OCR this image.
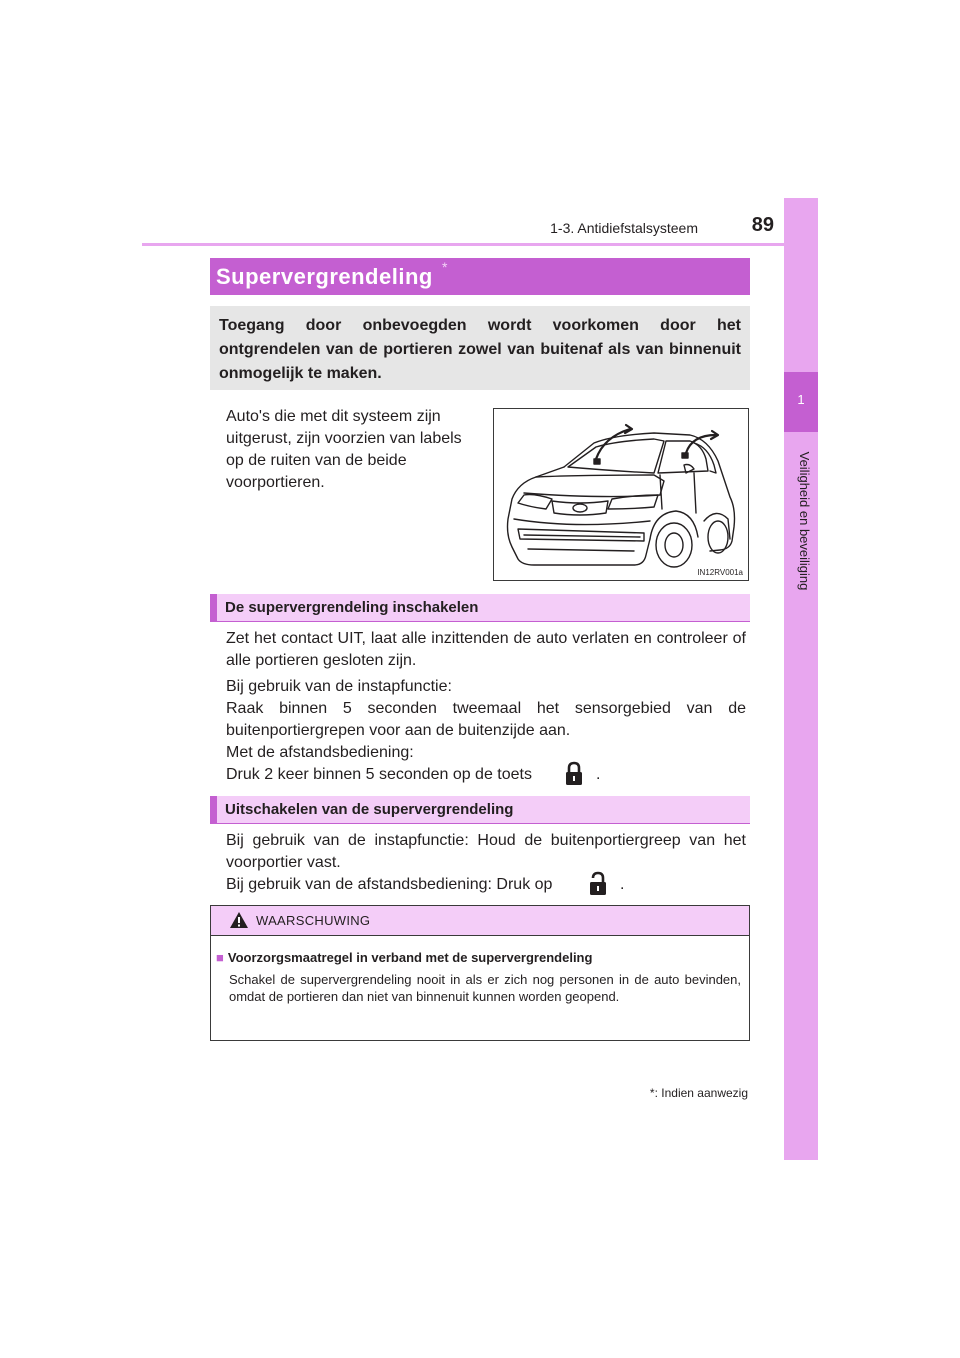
1-3. Antidiefstalsysteem	89
1
Veiligheid en beveiliging
Supervergrendeling *
Toegang door onbevoegden wordt voorkomen door het ontgrendelen van de portieren zowel van buitenaf als van binnenuit onmogelijk te maken.
Auto's die met dit systeem zijn uitgerust, zijn voorzien van labels op de ruiten van de beide voorportieren.
IN12RV001a
De supervergrendeling inschakelen
Zet het contact UIT, laat alle inzittenden de auto verlaten en controleer of alle portieren gesloten zijn.
Bij gebruik van de instapfunctie:
Raak binnen 5 seconden tweemaal het sensorgebied van de buitenportiergrepen voor aan de buitenzijde aan.
Met de afstandsbediening:
Druk 2 keer binnen 5 seconden op de toets	.
Uitschakelen van de supervergrendeling
Bij gebruik van de instapfunctie: Houd de buitenportiergreep van het voorportier vast.
Bij gebruik van de afstandsbediening: Druk op	.
WAARSCHUWING
■ Voorzorgsmaatregel in verband met de supervergrendeling
Schakel de supervergrendeling nooit in als er zich nog personen in de auto bevinden, omdat de portieren dan niet van binnenuit kunnen worden geopend.
*: Indien aanwezig
